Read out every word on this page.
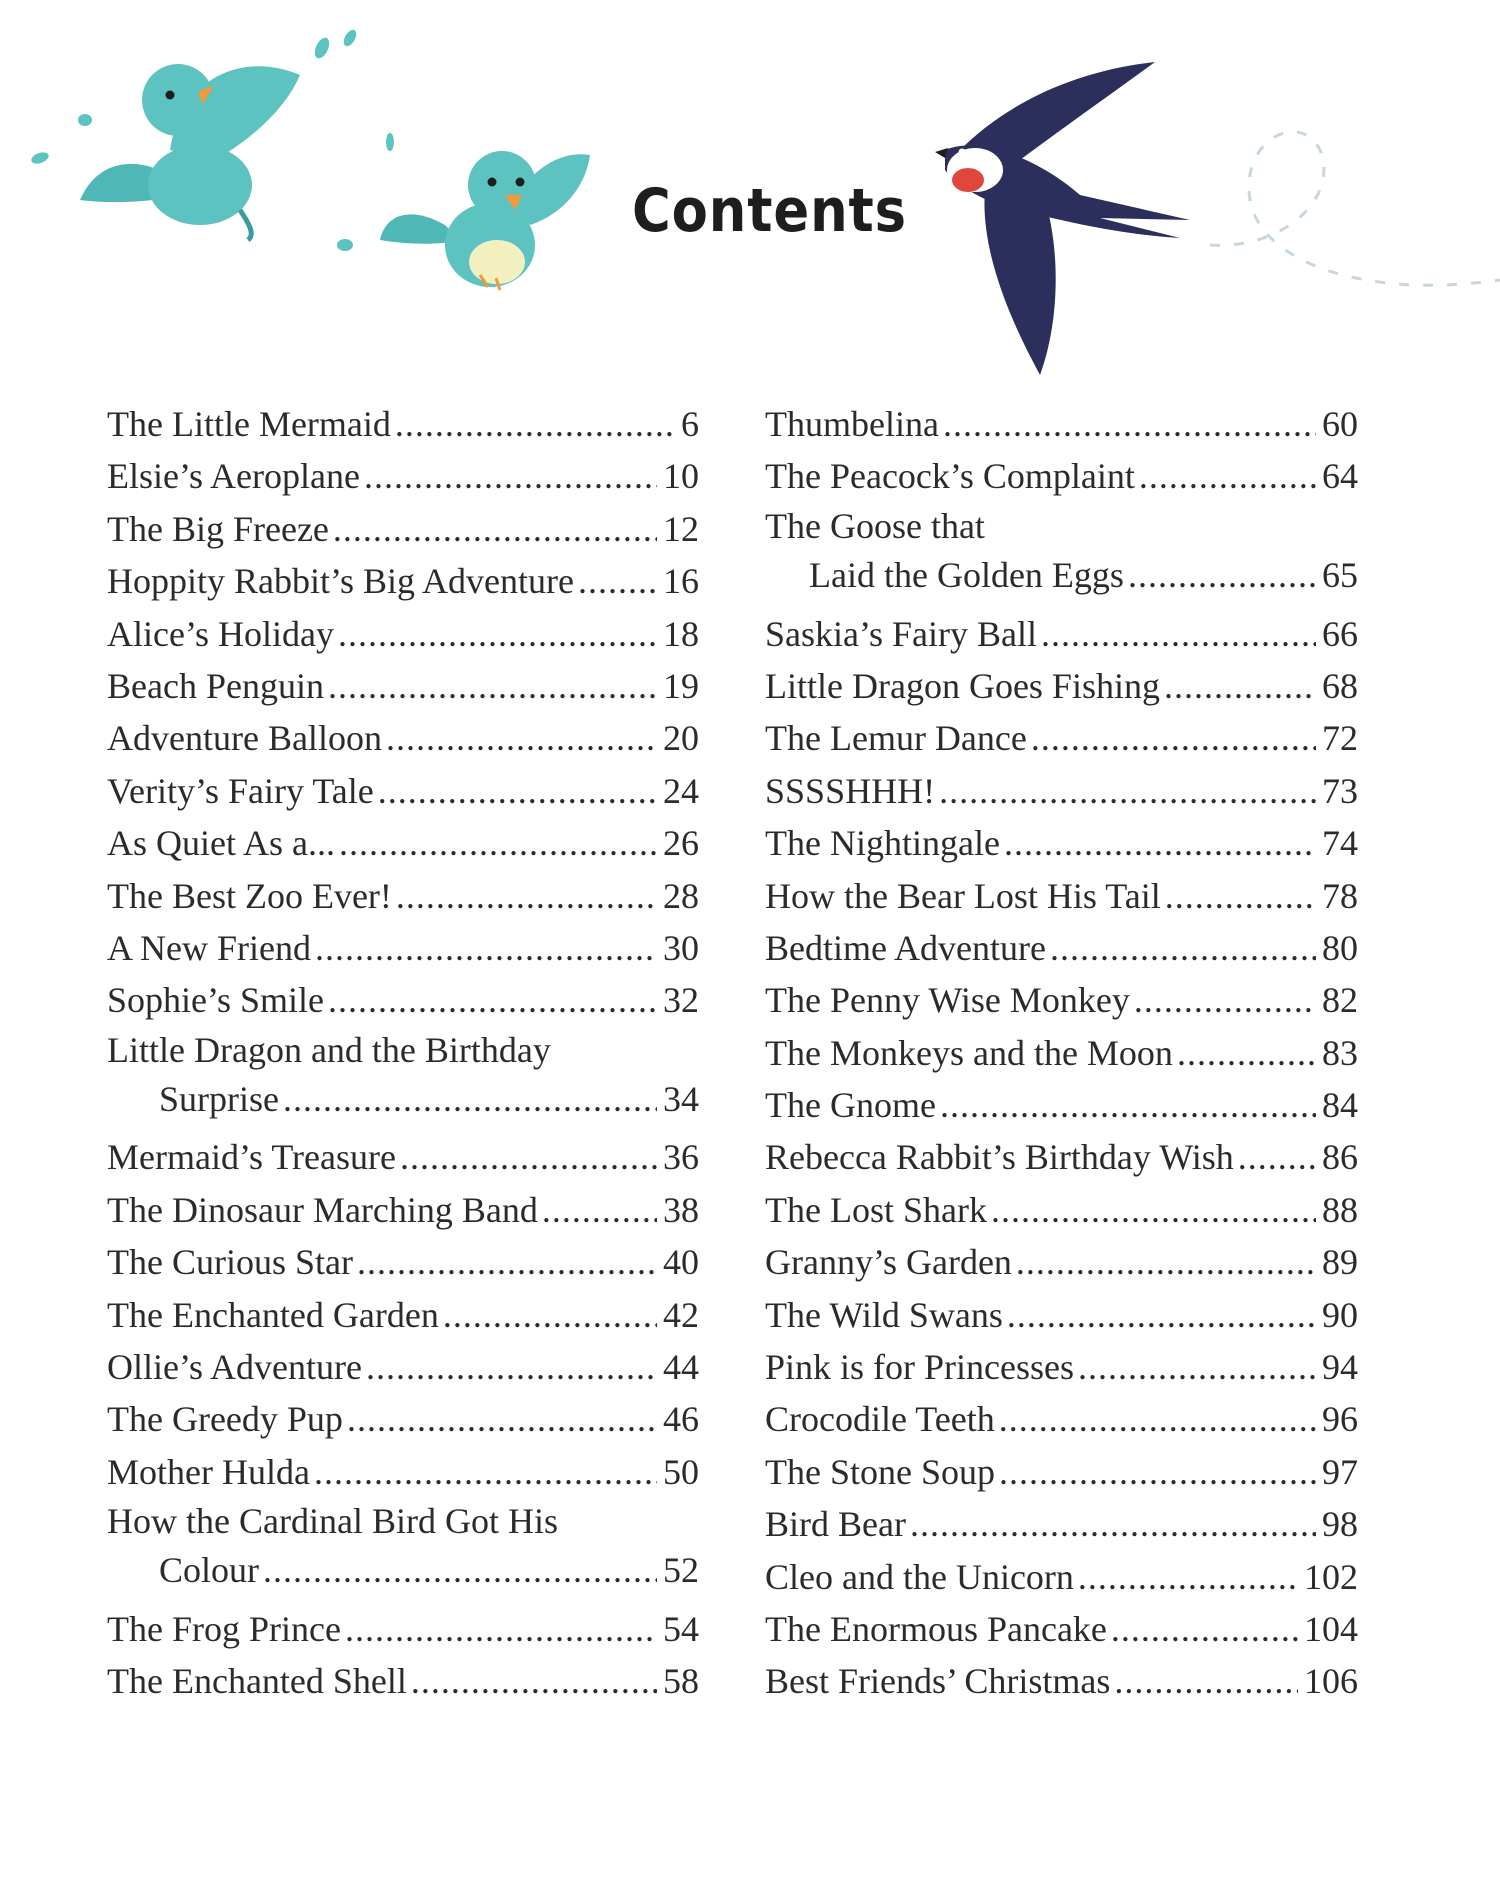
Contents
The Little Mermaid .....	6
Elsie’s Aeroplane .....	10
The Big Freeze .....	12
Hoppity Rabbit’s Big Adventure ..... 16
Alice’s Holiday .....	18
Beach Penguin .....	19
Adventure Balloon .....	20
Verity’s Fairy Tale .....	24
As Quiet As a... .....	26
The Best Zoo Ever! .....	28
A New Friend .....	30
Sophie’s Smile .....	32
Little Dragon and the Birthday
Surprise .....	34
Mermaid’s Treasure .....	36
The Dinosaur Marching Band .....	38
The Curious Star .....	40
The Enchanted Garden .....	42
Ollie’s Adventure .....	44
The Greedy Pup .....	46
Mother Hulda .....	50
How the Cardinal Bird Got His
Colour .....	52
The Frog Prince .....	54
The Enchanted Shell .....	58
Thumbelina .....	60
The Peacock’s Complaint .....	64
The Goose that
Laid the Golden Eggs .....	65
Saskia’s Fairy Ball .....	66
Little Dragon Goes Fishing .....	68
The Lemur Dance .....	72
SSSSHHH! .....	73
The Nightingale .....	74
How the Bear Lost His Tail .....	78
Bedtime Adventure .....	80
The Penny Wise Monkey .....	82
The Monkeys and the Moon .....	83
The Gnome .....	84
Rebecca Rabbit’s Birthday Wish ..... 86
The Lost Shark .....	88
Granny’s Garden .....	89
The Wild Swans .....	90
Pink is for Princesses .....	94
Crocodile Teeth .....	96
The Stone Soup .....	97
Bird Bear .....	98
Cleo and the Unicorn .....	102
The Enormous Pancake .....	104
Best Friends’ Christmas .....	106
